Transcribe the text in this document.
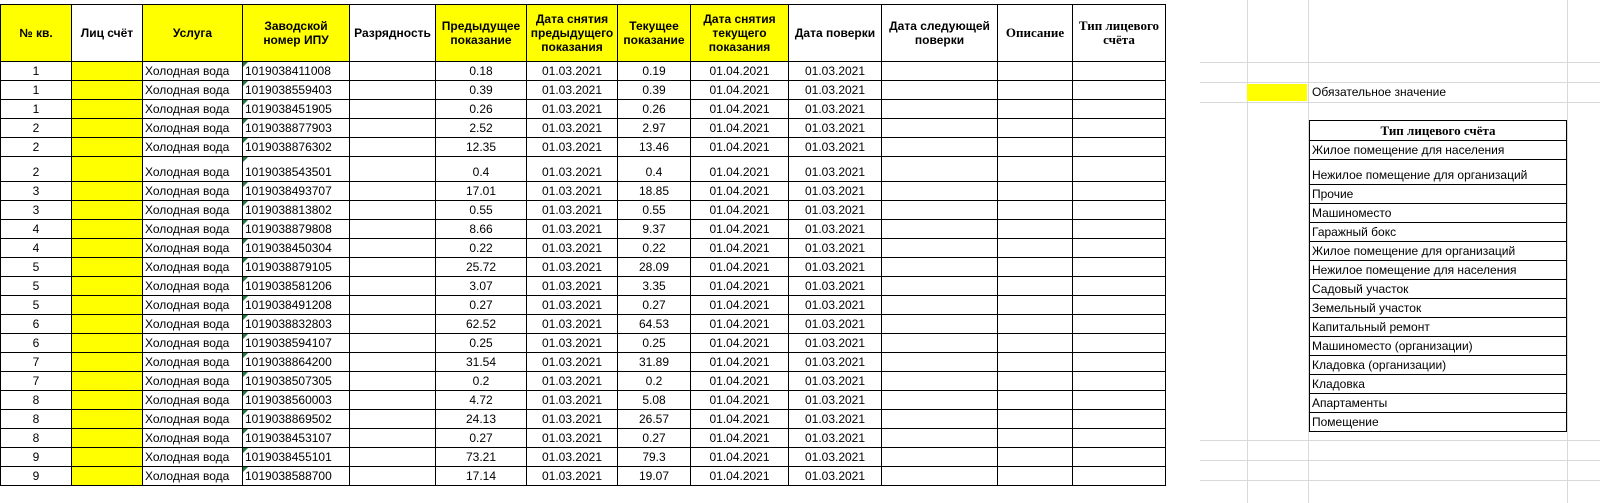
№ кв.	Лиц счёт	Услуга	Заводской номер ИПУ	Разрядность	Предыдущее показание	Дата снятия предыдущего показания	Текущее показание	Дата снятия текущего показания	Дата поверки	Дата следующей поверки	Описание	Тип лицевого счёта
1		Холодная вода	1019038411008		0.18	01.03.2021	0.19	01.04.2021	01.03.2021			
1		Холодная вода	1019038559403		0.39	01.03.2021	0.39	01.04.2021	01.03.2021			
1		Холодная вода	1019038451905		0.26	01.03.2021	0.26	01.04.2021	01.03.2021			
2		Холодная вода	1019038877903		2.52	01.03.2021	2.97	01.04.2021	01.03.2021			
2		Холодная вода	1019038876302		12.35	01.03.2021	13.46	01.04.2021	01.03.2021			
2		Холодная вода	1019038543501		0.4	01.03.2021	0.4	01.04.2021	01.03.2021			
3		Холодная вода	1019038493707		17.01	01.03.2021	18.85	01.04.2021	01.03.2021			
3		Холодная вода	1019038813802		0.55	01.03.2021	0.55	01.04.2021	01.03.2021			
4		Холодная вода	1019038879808		8.66	01.03.2021	9.37	01.04.2021	01.03.2021			
4		Холодная вода	1019038450304		0.22	01.03.2021	0.22	01.04.2021	01.03.2021			
5		Холодная вода	1019038879105		25.72	01.03.2021	28.09	01.04.2021	01.03.2021			
5		Холодная вода	1019038581206		3.07	01.03.2021	3.35	01.04.2021	01.03.2021			
5		Холодная вода	1019038491208		0.27	01.03.2021	0.27	01.04.2021	01.03.2021			
6		Холодная вода	1019038832803		62.52	01.03.2021	64.53	01.04.2021	01.03.2021			
6		Холодная вода	1019038594107		0.25	01.03.2021	0.25	01.04.2021	01.03.2021			
7		Холодная вода	1019038864200		31.54	01.03.2021	31.89	01.04.2021	01.03.2021			
7		Холодная вода	1019038507305		0.2	01.03.2021	0.2	01.04.2021	01.03.2021			
8		Холодная вода	1019038560003		4.72	01.03.2021	5.08	01.04.2021	01.03.2021			
8		Холодная вода	1019038869502		24.13	01.03.2021	26.57	01.04.2021	01.03.2021			
8		Холодная вода	1019038453107		0.27	01.03.2021	0.27	01.04.2021	01.03.2021			
9		Холодная вода	1019038455101		73.21	01.03.2021	79.3	01.04.2021	01.03.2021			
9		Холодная вода	1019038588700		17.14	01.03.2021	19.07	01.04.2021	01.03.2021			
Обязательное значение
Тип лицевого счёта
Жилое помещение для населения
Нежилое помещение для организаций
Прочие
Машиноместо
Гаражный бокс
Жилое помещение для организаций
Нежилое помещение для населения
Садовый участок
Земельный участок
Капитальный ремонт
Машиноместо (организации)
Кладовка (организации)
Кладовка
Апартаменты
Помещение
